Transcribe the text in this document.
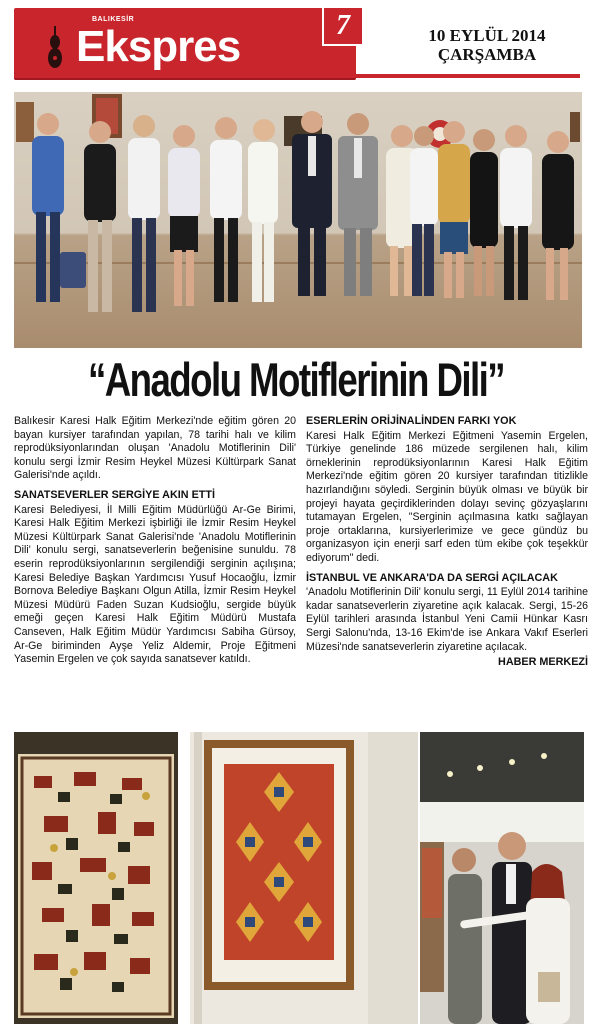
BALIKESİR
Ekspres	7	10 EYLÜL 2014
ÇARŞAMBA
“Anadolu Motiflerinin Dili”

Balıkesir Karesi Halk Eğitim Merkezi'nde eğitim gören 20 bayan kursiyer tarafından yapılan, 78 tarihi halı ve kilim reprodüksiyonlarından oluşan 'Anadolu Motiflerinin Dili' konulu sergi İzmir Resim Heykel Müzesi Kültürpark Sanat Galerisi'nde açıldı.

SANATSEVERLER SERGİYE AKIN ETTİ

Karesi Belediyesi, İl Milli Eğitim Müdürlüğü Ar-Ge Birimi, Karesi Halk Eğitim Merkezi işbirliği ile İzmir Resim Heykel Müzesi Kültürpark Sanat Galerisi'nde 'Anadolu Motiflerinin Dili' konulu sergi, sanatseverlerin beğenisine sunuldu. 78 eserin reprodüksiyonlarının sergilendiği serginin açılışına; Karesi Belediye Başkan Yardımcısı Yusuf Hocaoğlu, İzmir Bornova Belediye Başkanı Olgun Atilla, İzmir Resim Heykel Müzesi Müdürü Faden Suzan Kudsioğlu, sergide büyük emeği geçen Karesi Halk Eğitim Müdürü Mustafa Canseven, Halk Eğitim Müdür Yardımcısı Sabiha Gürsoy, Ar-Ge biriminden Ayşe Yeliz Aldemir, Proje Eğitmeni Yasemin Ergelen ve çok sayıda sanatsever katıldı.

ESERLERİN ORİJİNALİNDEN FARKI YOK

Karesi Halk Eğitim Merkezi Eğitmeni Yasemin Ergelen, Türkiye genelinde 186 müzede sergilenen halı, kilim örneklerinin reprodüksiyonlarının Karesi Halk Eğitim Merkezi'nde eğitim gören 20 kursiyer tarafından titizlikle hazırlandığını söyledi. Serginin büyük olması ve büyük bir projeyi hayata geçirdiklerinden dolayı sevinç gözyaşlarını tutamayan Ergelen, "Serginin açılmasına katkı sağlayan proje ortaklarına, kursiyerlerimize ve gece gündüz bu organizasyon için enerji sarf eden tüm ekibe çok teşekkür ediyorum" dedi.

İSTANBUL VE ANKARA'DA DA SERGİ AÇILACAK

'Anadolu Motiflerinin Dili' konulu sergi, 11 Eylül 2014 tarihine kadar sanatseverlerin ziyaretine açık kalacak. Sergi, 15-26 Eylül tarihleri arasında İstanbul Yeni Camii Hünkar Kasrı Sergi Salonu'nda, 13-16 Ekim'de ise Ankara Vakıf Eserleri Müzesi'nde sanatseverlerin ziyaretine açılacak.

HABER MERKEZİ
